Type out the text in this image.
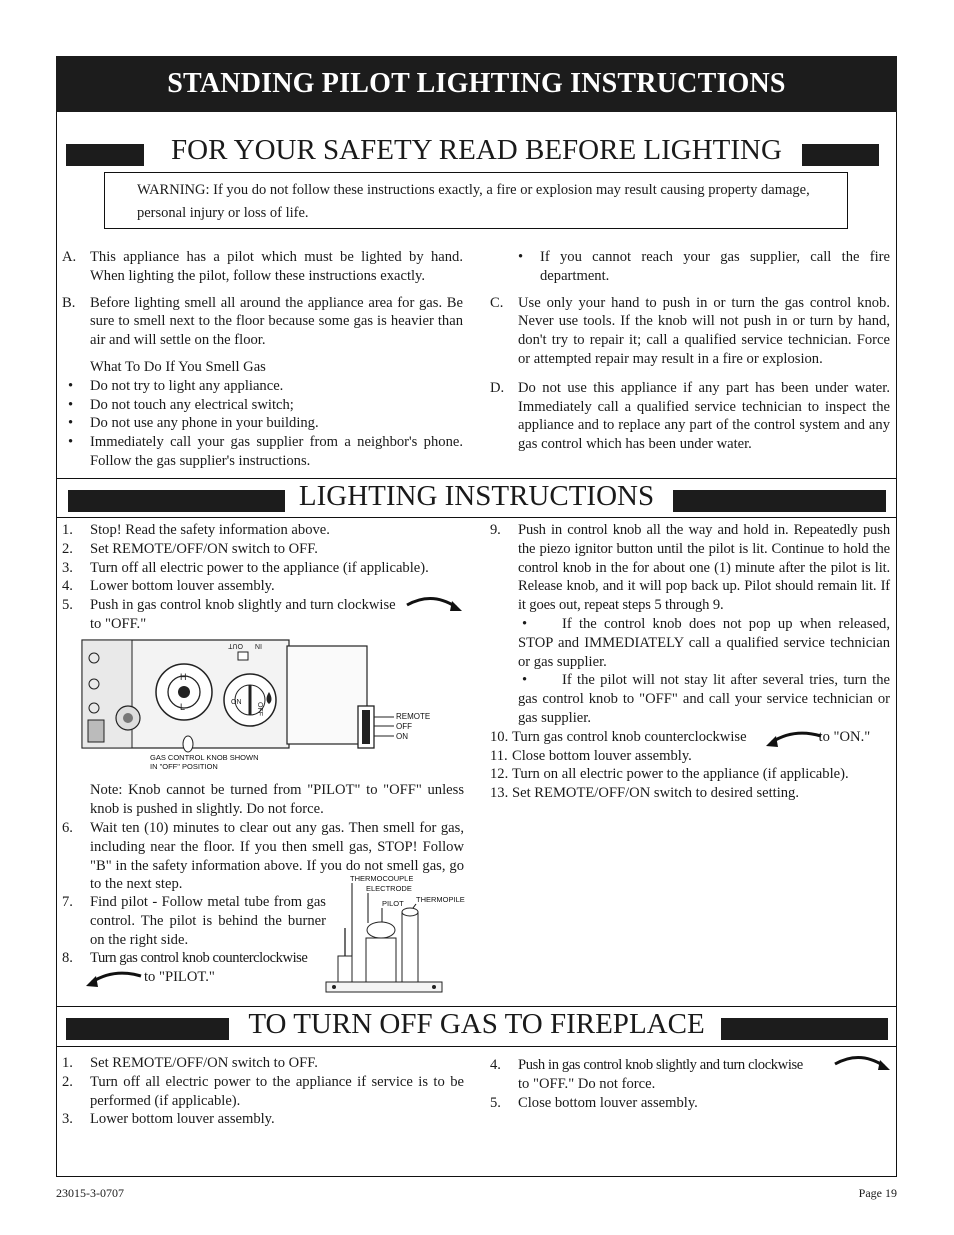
STANDING PILOT LIGHTING INSTRUCTIONS
FOR YOUR SAFETY READ BEFORE LIGHTING
WARNING: If you do not follow these instructions exactly, a fire or explosion may result causing property damage, personal injury or loss of life.
A. This appliance has a pilot which must be lighted by hand. When lighting the pilot, follow these instructions exactly.
B. Before lighting smell all around the appliance area for gas. Be sure to smell next to the floor because some gas is heavier than air and will settle on the floor.
What To Do If You Smell Gas
• Do not try to light any appliance.
• Do not touch any electrical switch;
• Do not use any phone in your building.
• Immediately call your gas supplier from a neighbor's phone. Follow the gas supplier's instructions.
• If you cannot reach your gas supplier, call the fire department.
C. Use only your hand to push in or turn the gas control knob. Never use tools. If the knob will not push in or turn by hand, don't try to repair it; call a qualified service technician. Force or attempted repair may result in a fire or explosion.
D. Do not use this appliance if any part has been under water. Immediately call a qualified service technician to inspect the appliance and to replace any part of the control system and any gas control which has been under water.
LIGHTING INSTRUCTIONS
1. Stop! Read the safety information above.
2. Set REMOTE/OFF/ON switch to OFF.
3. Turn off all electric power to the appliance (if applicable).
4. Lower bottom louver assembly.
5. Push in gas control knob slightly and turn clockwise
to "OFF."
H
L	OFF
ON
OUT IN
GAS CONTROL KNOB SHOWN
IN "OFF" POSITION
REMOTE
OFF
ON
Note: Knob cannot be turned from "PILOT" to "OFF" unless knob is pushed in slightly. Do not force.
6. Wait ten (10) minutes to clear out any gas. Then smell for gas, including near the floor. If you then smell gas, STOP! Follow "B" in the safety information above. If you do not smell gas, go to the next step.
7. Find pilot - Follow metal tube from gas control. The pilot is behind the burner on the right side.
8. Turn gas control knob counterclockwise
to "PILOT."
THERMOCOUPLE
ELECTRODE
PILOT THERMOPILE
9. Push in control knob all the way and hold in. Repeatedly push the piezo ignitor button until the pilot is lit. Continue to hold the control knob in the for about one (1) minute after the pilot is lit. Release knob, and it will pop back up. Pilot should remain lit. If it goes out, repeat steps 5 through 9.
• If the control knob does not pop up when released, STOP and IMMEDIATELY call a qualified service technician or gas supplier.
• If the pilot will not stay lit after several tries, turn the gas control knob to "OFF" and call your service technician or gas supplier.
10. Turn gas control knob counterclockwise	to "ON."
11. Close bottom louver assembly.
12. Turn on all electric power to the appliance (if applicable).
13. Set REMOTE/OFF/ON switch to desired setting.
TO TURN OFF GAS TO FIREPLACE
1. Set REMOTE/OFF/ON switch to OFF.
2. Turn off all electric power to the appliance if service is to be performed (if applicable).
3. Lower bottom louver assembly.
4. Push in gas control knob slightly and turn clockwise
to "OFF." Do not force.
5. Close bottom louver assembly.
23015-3-0707	Page 19
